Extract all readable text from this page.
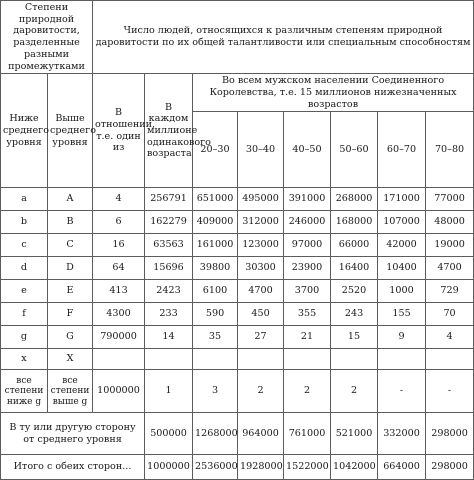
Степени природной даровитости, разделенные разными промежутками		Число людей, относящихся к различным степеням природной даровитости по их общей талантливости или специальным способностям							
Ниже среднего уровня	Выше среднего уровня	В отношении, т.е. один из	В каждом миллионе одинакового возраста	Во всем мужском населении Соединенного Королевства, т.е. 15 миллионов нижезначенных возрастов					
				20–30	30–40	40–50	50–60	60–70	70–80
a	A	4	256791	651000	495000	391000	268000	171000	77000
b	B	6	162279	409000	312000	246000	168000	107000	48000
c	C	16	63563	161000	123000	97000	66000	42000	19000
d	D	64	15696	39800	30300	23900	16400	10400	4700
e	E	413	2423	6100	4700	3700	2520	1000	729
f	F	4300	233	590	450	355	243	155	70
g	G	790000	14	35	27	21	15	9	4
x	X								
все степени ниже g	все степени выше g	1000000	1	3	2	2	2	-	-
В ту или другую сторону от среднего уровня			500000	1268000	964000	761000	521000	332000	298000
Итого с обеих сторон...			1000000	2536000	1928000	1522000	1042000	664000	298000
